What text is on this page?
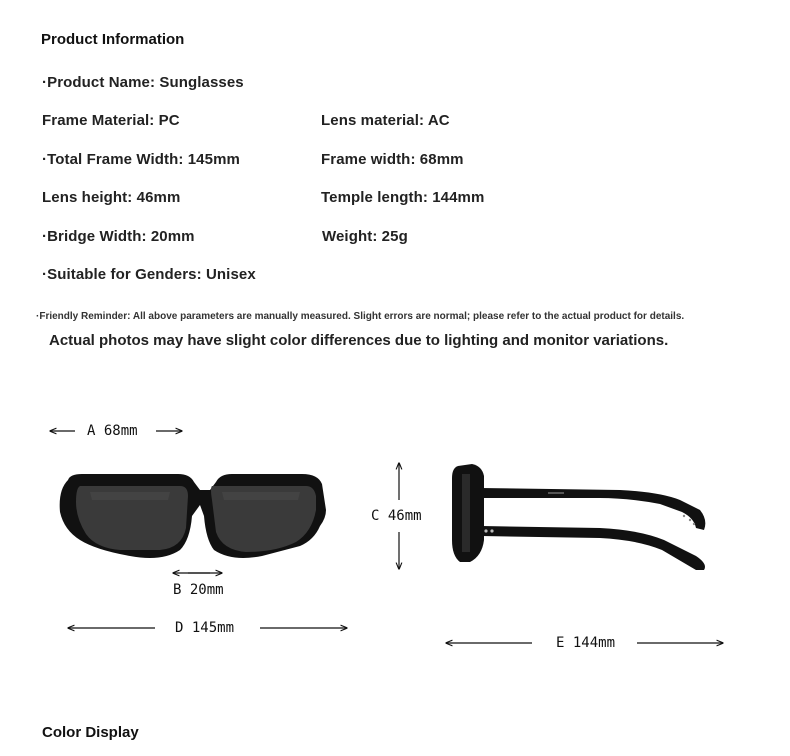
Product Information
·Product Name: Sunglasses
Frame Material: PC	Lens material: AC
·Total Frame Width: 145mm	Frame width: 68mm
Lens height: 46mm	Temple length: 144mm
·Bridge Width: 20mm	Weight: 25g
·Suitable for Genders: Unisex
·Friendly Reminder: All above parameters are manually measured. Slight errors are normal; please refer to the actual product for details.
Actual photos may have slight color differences due to lighting and monitor variations.
A 68mm
B 20mm
C 46mm
D 145mm
E 144mm
Color Display
